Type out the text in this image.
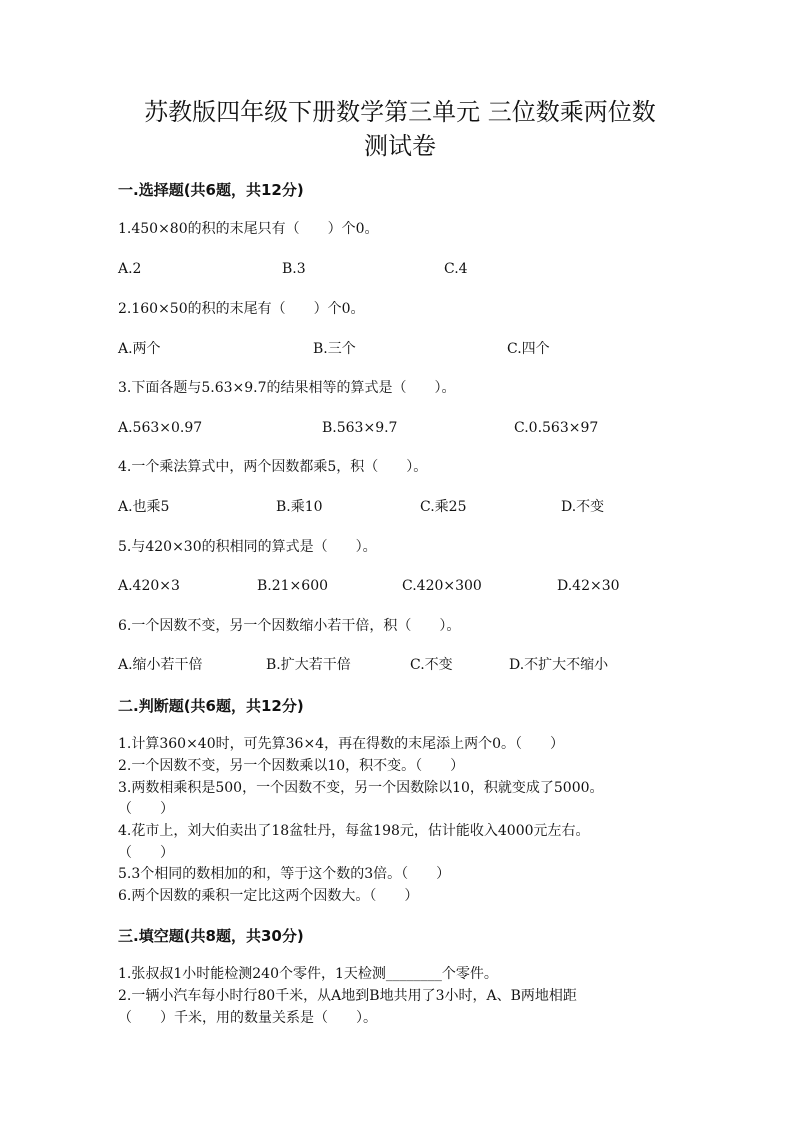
苏教版四年级下册数学第三单元 三位数乘两位数
测试卷
一.选择题(共6题，共12分)
1.450×80的积的末尾只有（　　）个0。
A.2	B.3	C.4
2.160×50的积的末尾有（　　）个0。
A.两个	B.三个	C.四个
3.下面各题与5.63×9.7的结果相等的算式是（　　）。
A.563×0.97	B.563×9.7	C.0.563×97
4.一个乘法算式中，两个因数都乘5，积（　　）。
A.也乘5	B.乘10	C.乘25	D.不变
5.与420×30的积相同的算式是（　　）。
A.420×3	B.21×600	C.420×300	D.42×30
6.一个因数不变，另一个因数缩小若干倍，积（　　）。
A.缩小若干倍	B.扩大若干倍	C.不变	D.不扩大不缩小
二.判断题(共6题，共12分)
1.计算360×40时，可先算36×4，再在得数的末尾添上两个0。（　　）
2.一个因数不变，另一个因数乘以10，积不变。（　　）
3.两数相乘积是500，一个因数不变，另一个因数除以10，积就变成了5000。
（　　）
4.花市上，刘大伯卖出了18盆牡丹，每盆198元，估计能收入4000元左右。
（　　）
5.3个相同的数相加的和，等于这个数的3倍。（　　）
6.两个因数的乘积一定比这两个因数大。（　　）
三.填空题(共8题，共30分)
1.张叔叔1小时能检测240个零件，1天检测________个零件。
2.一辆小汽车每小时行80千米，从A地到B地共用了3小时，A、B两地相距
（　　）千米，用的数量关系是（　　）。
